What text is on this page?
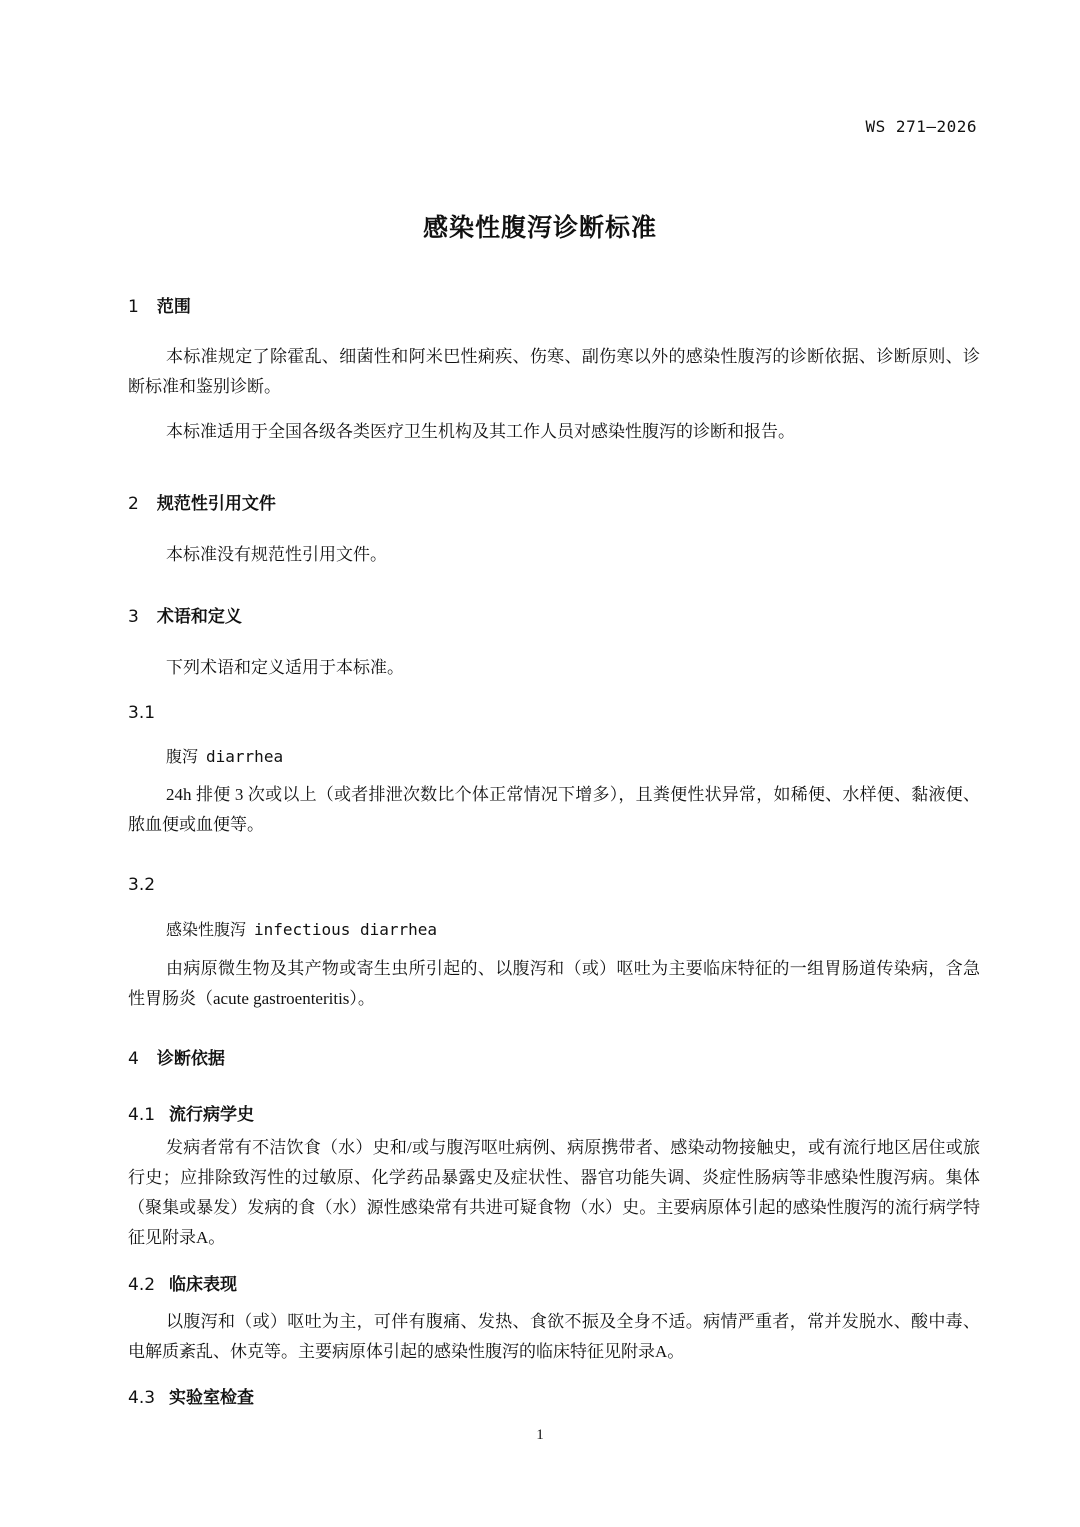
WS 271—2026
感染性腹泻诊断标准
1 范围
本标准规定了除霍乱、细菌性和阿米巴性痢疾、伤寒、副伤寒以外的感染性腹泻的诊断依据、诊断原则、诊断标准和鉴别诊断。
本标准适用于全国各级各类医疗卫生机构及其工作人员对感染性腹泻的诊断和报告。
2 规范性引用文件
本标准没有规范性引用文件。
3 术语和定义
下列术语和定义适用于本标准。
3.1
腹泻 diarrhea
24h 排便 3 次或以上（或者排泄次数比个体正常情况下增多），且粪便性状异常，如稀便、水样便、黏液便、脓血便或血便等。
3.2
感染性腹泻 infectious diarrhea
由病原微生物及其产物或寄生虫所引起的、以腹泻和（或）呕吐为主要临床特征的一组胃肠道传染病，含急性胃肠炎（acute gastroenteritis）。
4 诊断依据
4.1 流行病学史
发病者常有不洁饮食（水）史和/或与腹泻呕吐病例、病原携带者、感染动物接触史，或有流行地区居住或旅行史；应排除致泻性的过敏原、化学药品暴露史及症状性、器官功能失调、炎症性肠病等非感染性腹泻病。集体（聚集或暴发）发病的食（水）源性感染常有共进可疑食物（水）史。主要病原体引起的感染性腹泻的流行病学特征见附录A。
4.2 临床表现
以腹泻和（或）呕吐为主，可伴有腹痛、发热、食欲不振及全身不适。病情严重者，常并发脱水、酸中毒、电解质紊乱、休克等。主要病原体引起的感染性腹泻的临床特征见附录A。
4.3 实验室检查
1
